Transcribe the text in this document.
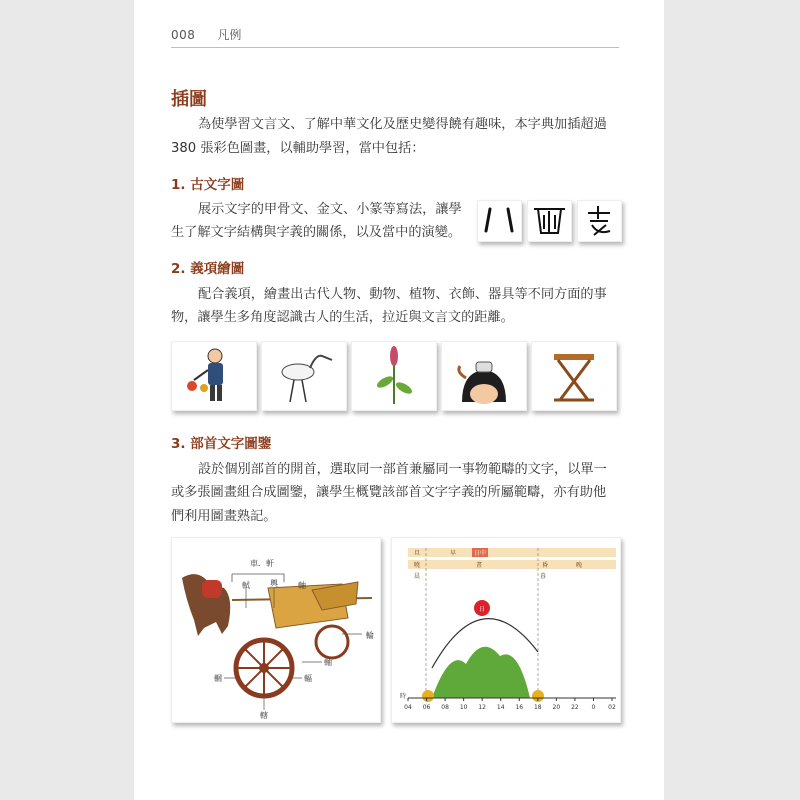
008 凡例
插圖
為使學習文言文、了解中華文化及歷史變得饒有趣味，本字典加插超過
380 張彩色圖畫，以輔助學習，當中包括：
1. 古文字圖
展示文字的甲骨文、金文、小篆等寫法，讓學
生了解文字結構與字義的關係，以及當中的演變。
2. 義項繪圖
配合義項，繪畫出古代人物、動物、植物、衣飾、器具等不同方面的事
物，讓學生多角度認識古人的生活，拉近與文言文的距離。
3. 部首文字圖鑒
設於個別部首的開首，選取同一部首兼屬同一事物範疇的文字，以單一
或多張圖畫組合成圖鑒，讓學生概覽該部首文字字義的所屬範疇，亦有助他
們利用圖畫熟記。
車．軒
軾	輿
輪
軸
輻
輞
轄
軸
旦	早	日中
曉	晝	昏	晚
晨	暮
日
時
04 06 08 10 12 14 16 18 20 22 0 02
